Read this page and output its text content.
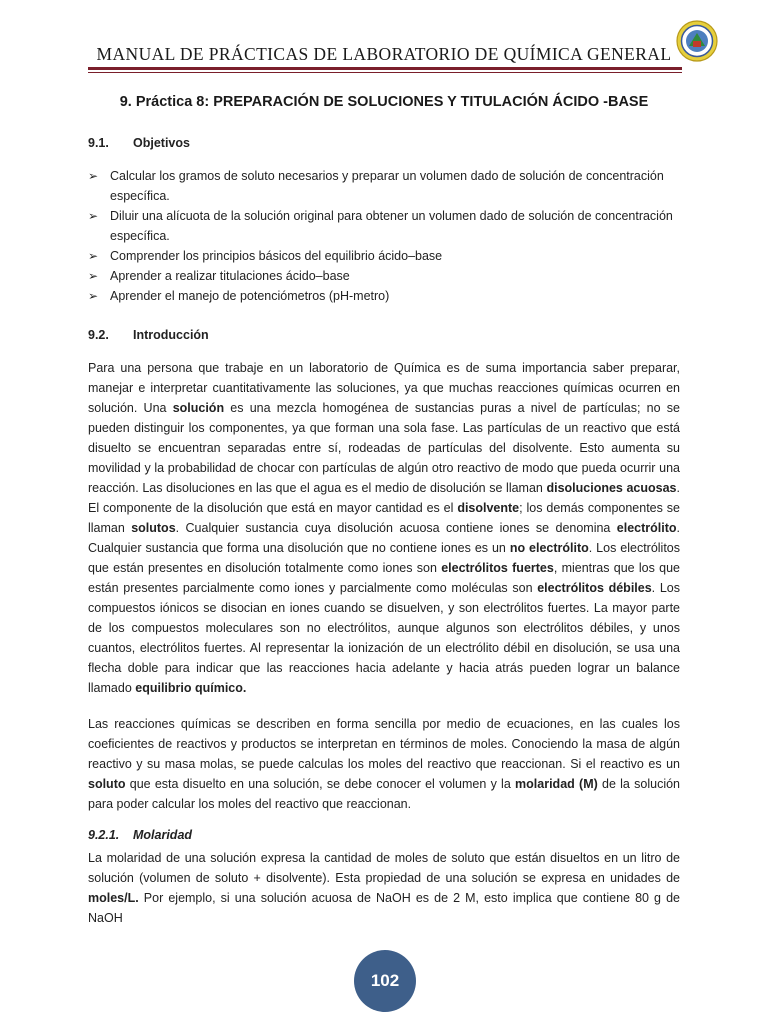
MANUAL DE PRÁCTICAS DE LABORATORIO DE QUÍMICA GENERAL
9. Práctica 8: PREPARACIÓN DE SOLUCIONES Y TITULACIÓN ÁCIDO -BASE
9.1. Objetivos
➢ Calcular los gramos de soluto necesarios y preparar un volumen dado de solución de concentración específica.
➢ Diluir una alícuota de la solución original para obtener un volumen dado de solución de concentración específica.
➢ Comprender los principios básicos del equilibrio ácido–base
➢ Aprender a realizar titulaciones ácido–base
➢ Aprender el manejo de potenciómetros (pH-metro)
9.2. Introducción

Para una persona que trabaje en un laboratorio de Química es de suma importancia saber preparar, manejar e interpretar cuantitativamente las soluciones, ya que muchas reacciones químicas ocurren en solución. Una solución es una mezcla homogénea de sustancias puras a nivel de partículas; no se pueden distinguir los componentes, ya que forman una sola fase. Las partículas de un reactivo que está disuelto se encuentran separadas entre sí, rodeadas de partículas del disolvente. Esto aumenta su movilidad y la probabilidad de chocar con partículas de algún otro reactivo de modo que pueda ocurrir una reacción. Las disoluciones en las que el agua es el medio de disolución se llaman disoluciones acuosas. El componente de la disolución que está en mayor cantidad es el disolvente; los demás componentes se llaman solutos. Cualquier sustancia cuya disolución acuosa contiene iones se denomina electrólito. Cualquier sustancia que forma una disolución que no contiene iones es un no electrólito. Los electrólitos que están presentes en disolución totalmente como iones son electrólitos fuertes, mientras que los que están presentes parcialmente como iones y parcialmente como moléculas son electrólitos débiles. Los compuestos iónicos se disocian en iones cuando se disuelven, y son electrólitos fuertes. La mayor parte de los compuestos moleculares son no electrólitos, aunque algunos son electrólitos débiles, y unos cuantos, electrólitos fuertes. Al representar la ionización de un electrólito débil en disolución, se usa una flecha doble para indicar que las reacciones hacia adelante y hacia atrás pueden lograr un balance llamado equilibrio químico.

Las reacciones químicas se describen en forma sencilla por medio de ecuaciones, en las cuales los coeficientes de reactivos y productos se interpretan en términos de moles. Conociendo la masa de algún reactivo y su masa molas, se puede calculas los moles del reactivo que reaccionan. Si el reactivo es un soluto que esta disuelto en una solución, se debe conocer el volumen y la molaridad (M) de la solución para poder calcular los moles del reactivo que reaccionan.

9.2.1. Molaridad

La molaridad de una solución expresa la cantidad de moles de soluto que están disueltos en un litro de solución (volumen de soluto + disolvente). Esta propiedad de una solución se expresa en unidades de moles/L. Por ejemplo, si una solución acuosa de NaOH es de 2 M, esto implica que contiene 80 g de NaOH

102
